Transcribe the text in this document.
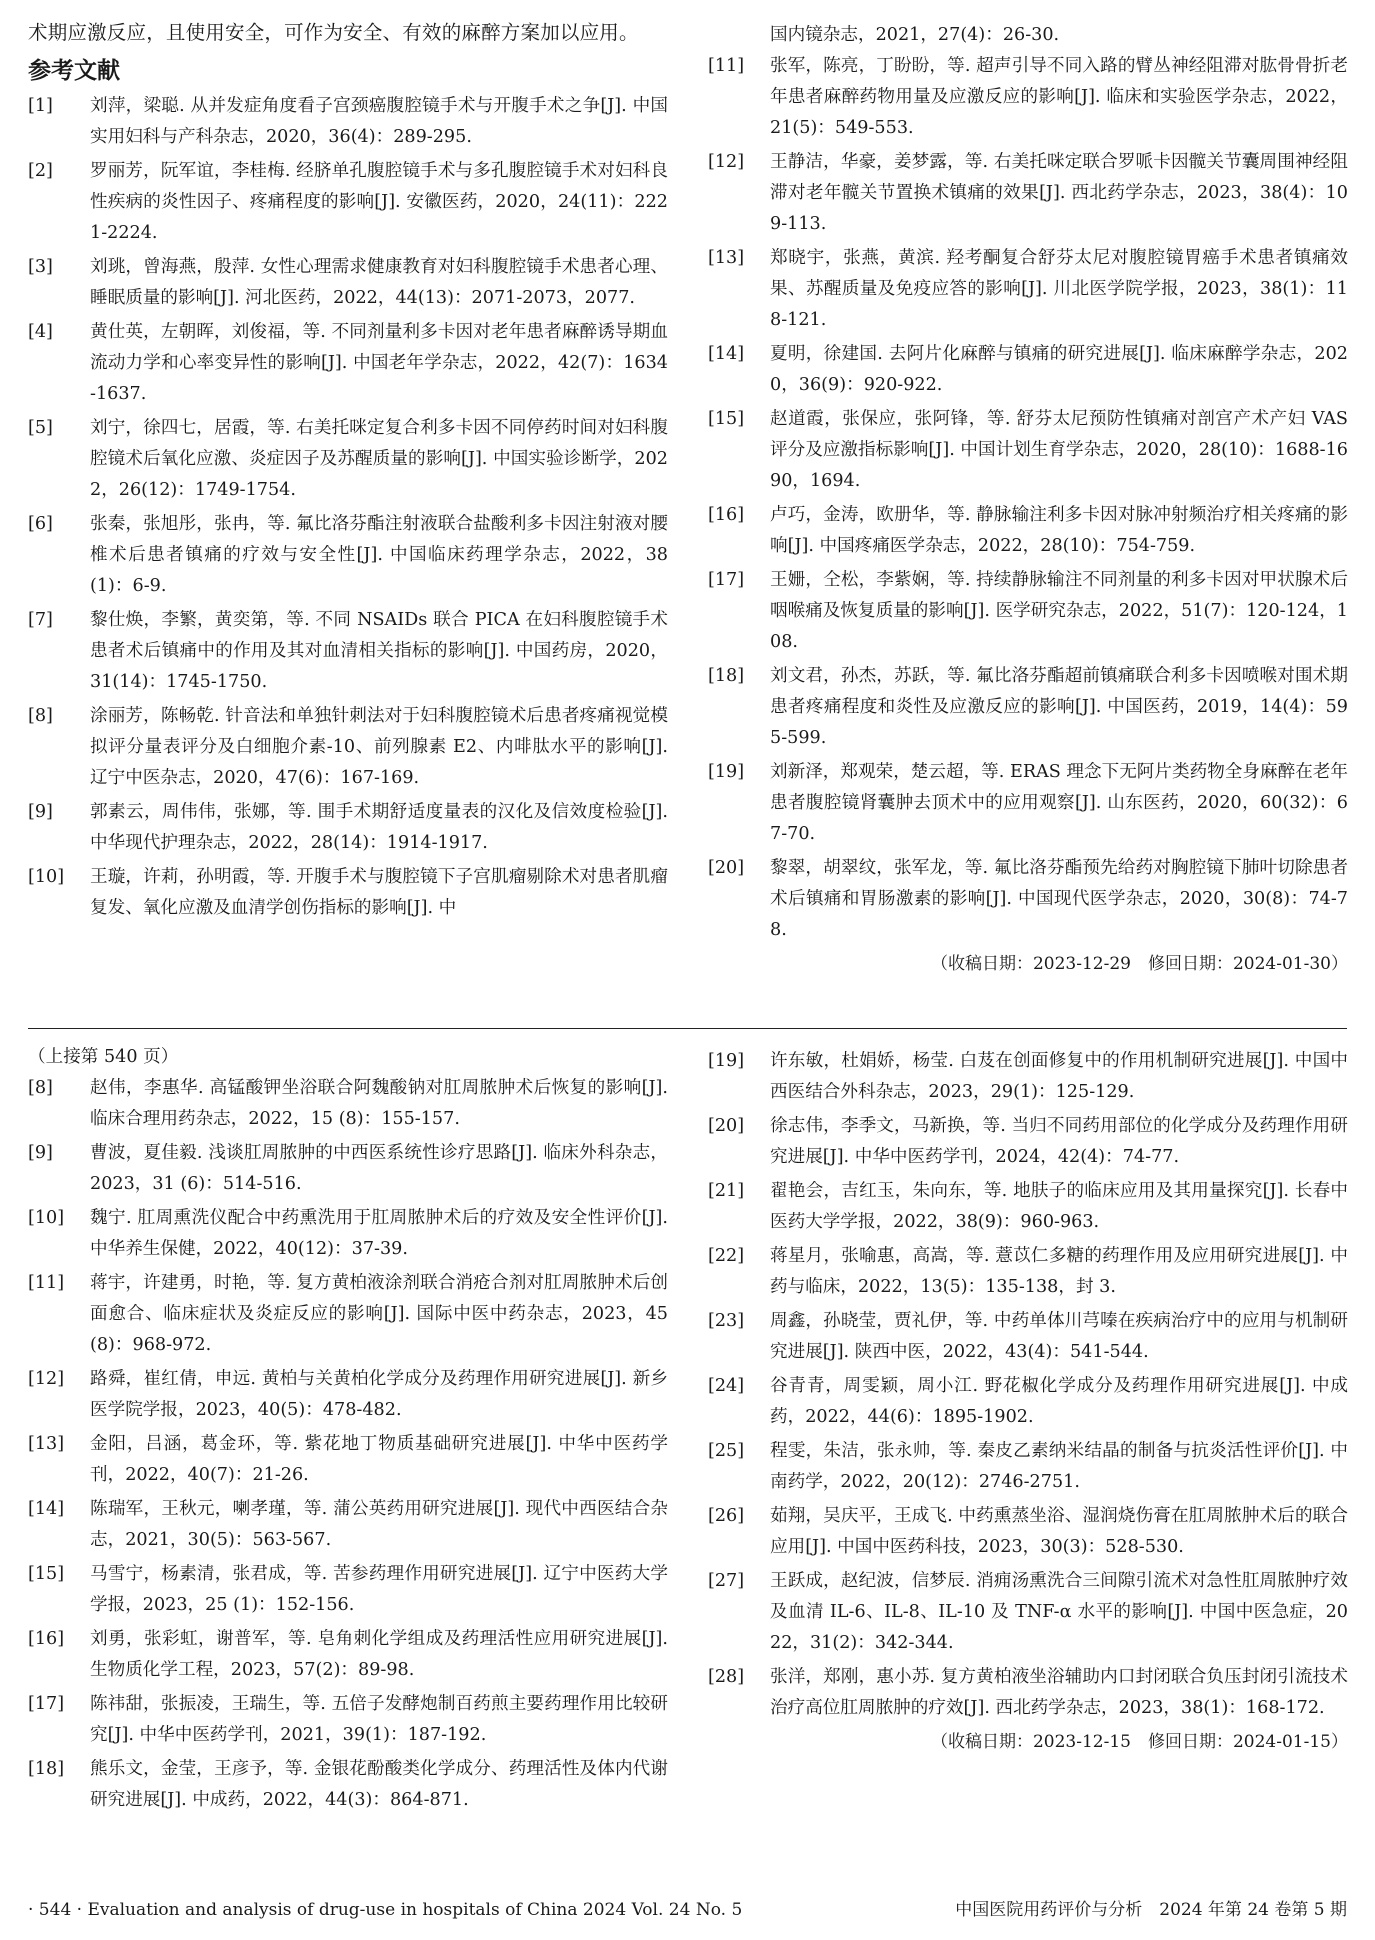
术期应激反应，且使用安全，可作为安全、有效的麻醉方案加以应用。

参考文献
[1]	刘萍，梁聪. 从并发症角度看子宫颈癌腹腔镜手术与开腹手术之争[J]. 中国实用妇科与产科杂志，2020，36(4)：289-295.
[2]	罗丽芳，阮军谊，李桂梅. 经脐单孔腹腔镜手术与多孔腹腔镜手术对妇科良性疾病的炎性因子、疼痛程度的影响[J]. 安徽医药，2020，24(11)：2221-2224.
[3]	刘珧，曾海燕，殷萍. 女性心理需求健康教育对妇科腹腔镜手术患者心理、睡眠质量的影响[J]. 河北医药，2022，44(13)：2071-2073，2077.
[4]	黄仕英，左朝晖，刘俊福，等. 不同剂量利多卡因对老年患者麻醉诱导期血流动力学和心率变异性的影响[J]. 中国老年学杂志，2022，42(7)：1634-1637.
[5]	刘宁，徐四七，居霞，等. 右美托咪定复合利多卡因不同停药时间对妇科腹腔镜术后氧化应激、炎症因子及苏醒质量的影响[J]. 中国实验诊断学，2022，26(12)：1749-1754.
[6]	张秦，张旭彤，张冉，等. 氟比洛芬酯注射液联合盐酸利多卡因注射液对腰椎术后患者镇痛的疗效与安全性[J]. 中国临床药理学杂志，2022，38(1)：6-9.
[7]	黎仕焕，李繁，黄奕第，等. 不同 NSAIDs 联合 PICA 在妇科腹腔镜手术患者术后镇痛中的作用及其对血清相关指标的影响[J]. 中国药房，2020，31(14)：1745-1750.
[8]	涂丽芳，陈畅乾. 针音法和单独针刺法对于妇科腹腔镜术后患者疼痛视觉模拟评分量表评分及白细胞介素-10、前列腺素 E2、内啡肽水平的影响[J]. 辽宁中医杂志，2020，47(6)：167-169.
[9]	郭素云，周伟伟，张娜，等. 围手术期舒适度量表的汉化及信效度检验[J]. 中华现代护理杂志，2022，28(14)：1914-1917.
[10]	王璇，许莉，孙明霞，等. 开腹手术与腹腔镜下子宫肌瘤剔除术对患者肌瘤复发、氧化应激及血清学创伤指标的影响[J]. 中

国内镜杂志，2021，27(4)：26-30.

[11]	张军，陈亮，丁盼盼，等. 超声引导不同入路的臂丛神经阻滞对肱骨骨折老年患者麻醉药物用量及应激反应的影响[J]. 临床和实验医学杂志，2022，21(5)：549-553.
[12]	王静洁，华豪，姜梦露，等. 右美托咪定联合罗哌卡因髋关节囊周围神经阻滞对老年髋关节置换术镇痛的效果[J]. 西北药学杂志，2023，38(4)：109-113.
[13]	郑晓宇，张燕，黄滨. 羟考酮复合舒芬太尼对腹腔镜胃癌手术患者镇痛效果、苏醒质量及免疫应答的影响[J]. 川北医学院学报，2023，38(1)：118-121.
[14]	夏明，徐建国. 去阿片化麻醉与镇痛的研究进展[J]. 临床麻醉学杂志，2020，36(9)：920-922.
[15]	赵道霞，张保应，张阿锋，等. 舒芬太尼预防性镇痛对剖宫产术产妇 VAS 评分及应激指标影响[J]. 中国计划生育学杂志，2020，28(10)：1688-1690，1694.
[16]	卢巧，金涛，欧册华，等. 静脉输注利多卡因对脉冲射频治疗相关疼痛的影响[J]. 中国疼痛医学杂志，2022，28(10)：754-759.
[17]	王姗，仝松，李紫娴，等. 持续静脉输注不同剂量的利多卡因对甲状腺术后咽喉痛及恢复质量的影响[J]. 医学研究杂志，2022，51(7)：120-124，108.
[18]	刘文君，孙杰，苏跃，等. 氟比洛芬酯超前镇痛联合利多卡因喷喉对围术期患者疼痛程度和炎性及应激反应的影响[J]. 中国医药，2019，14(4)：595-599.
[19]	刘新泽，郑观荣，楚云超，等. ERAS 理念下无阿片类药物全身麻醉在老年患者腹腔镜肾囊肿去顶术中的应用观察[J]. 山东医药，2020，60(32)：67-70.
[20]	黎翠，胡翠纹，张军龙，等. 氟比洛芬酯预先给药对胸腔镜下肺叶切除患者术后镇痛和胃肠激素的影响[J]. 中国现代医学杂志，2020，30(8)：74-78.
（收稿日期：2023-12-29　修回日期：2024-01-30）

（上接第 540 页）

[8]	赵伟，李惠华. 高锰酸钾坐浴联合阿魏酸钠对肛周脓肿术后恢复的影响[J]. 临床合理用药杂志，2022，15 (8)：155-157.
[9]	曹波，夏佳毅. 浅谈肛周脓肿的中西医系统性诊疗思路[J]. 临床外科杂志，2023，31 (6)：514-516.
[10]	魏宁. 肛周熏洗仪配合中药熏洗用于肛周脓肿术后的疗效及安全性评价[J]. 中华养生保健，2022，40(12)：37-39.
[11]	蒋宇，许建勇，时艳，等. 复方黄柏液涂剂联合消疮合剂对肛周脓肿术后创面愈合、临床症状及炎症反应的影响[J]. 国际中医中药杂志，2023，45(8)：968-972.
[12]	路舜，崔红倩，申远. 黄柏与关黄柏化学成分及药理作用研究进展[J]. 新乡医学院学报，2023，40(5)：478-482.
[13]	金阳，吕涵，葛金环，等. 紫花地丁物质基础研究进展[J]. 中华中医药学刊，2022，40(7)：21-26.
[14]	陈瑞军，王秋元，喇孝瑾，等. 蒲公英药用研究进展[J]. 现代中西医结合杂志，2021，30(5)：563-567.
[15]	马雪宁，杨素清，张君成，等. 苦参药理作用研究进展[J]. 辽宁中医药大学学报，2023，25 (1)：152-156.
[16]	刘勇，张彩虹，谢普军，等. 皂角刺化学组成及药理活性应用研究进展[J]. 生物质化学工程，2023，57(2)：89-98.
[17]	陈祎甜，张振凌，王瑞生，等. 五倍子发酵炮制百药煎主要药理作用比较研究[J]. 中华中医药学刊，2021，39(1)：187-192.
[18]	熊乐文，金莹，王彦予，等. 金银花酚酸类化学成分、药理活性及体内代谢研究进展[J]. 中成药，2022，44(3)：864-871.
[19]	许东敏，杜娟娇，杨莹. 白芨在创面修复中的作用机制研究进展[J]. 中国中西医结合外科杂志，2023，29(1)：125-129.
[20]	徐志伟，李季文，马新换，等. 当归不同药用部位的化学成分及药理作用研究进展[J]. 中华中医药学刊，2024，42(4)：74-77.
[21]	翟艳会，吉红玉，朱向东，等. 地肤子的临床应用及其用量探究[J]. 长春中医药大学学报，2022，38(9)：960-963.
[22]	蒋星月，张喻惠，高嵩，等. 薏苡仁多糖的药理作用及应用研究进展[J]. 中药与临床，2022，13(5)：135-138，封 3.
[23]	周鑫，孙晓莹，贾礼伊，等. 中药单体川芎嗪在疾病治疗中的应用与机制研究进展[J]. 陕西中医，2022，43(4)：541-544.
[24]	谷青青，周雯颖，周小江. 野花椒化学成分及药理作用研究进展[J]. 中成药，2022，44(6)：1895-1902.
[25]	程雯，朱洁，张永帅，等. 秦皮乙素纳米结晶的制备与抗炎活性评价[J]. 中南药学，2022，20(12)：2746-2751.
[26]	茹翔，吴庆平，王成飞. 中药熏蒸坐浴、湿润烧伤膏在肛周脓肿术后的联合应用[J]. 中国中医药科技，2023，30(3)：528-530.
[27]	王跃成，赵纪波，信梦辰. 消痈汤熏洗合三间隙引流术对急性肛周脓肿疗效及血清 IL-6、IL-8、IL-10 及 TNF-α 水平的影响[J]. 中国中医急症，2022，31(2)：342-344.
[28]	张洋，郑刚，惠小苏. 复方黄柏液坐浴辅助内口封闭联合负压封闭引流技术治疗高位肛周脓肿的疗效[J]. 西北药学杂志，2023，38(1)：168-172.
（收稿日期：2023-12-15　修回日期：2024-01-15）
· 544 · Evaluation and analysis of drug-use in hospitals of China 2024 Vol. 24 No. 5	中国医院用药评价与分析　2024 年第 24 卷第 5 期
